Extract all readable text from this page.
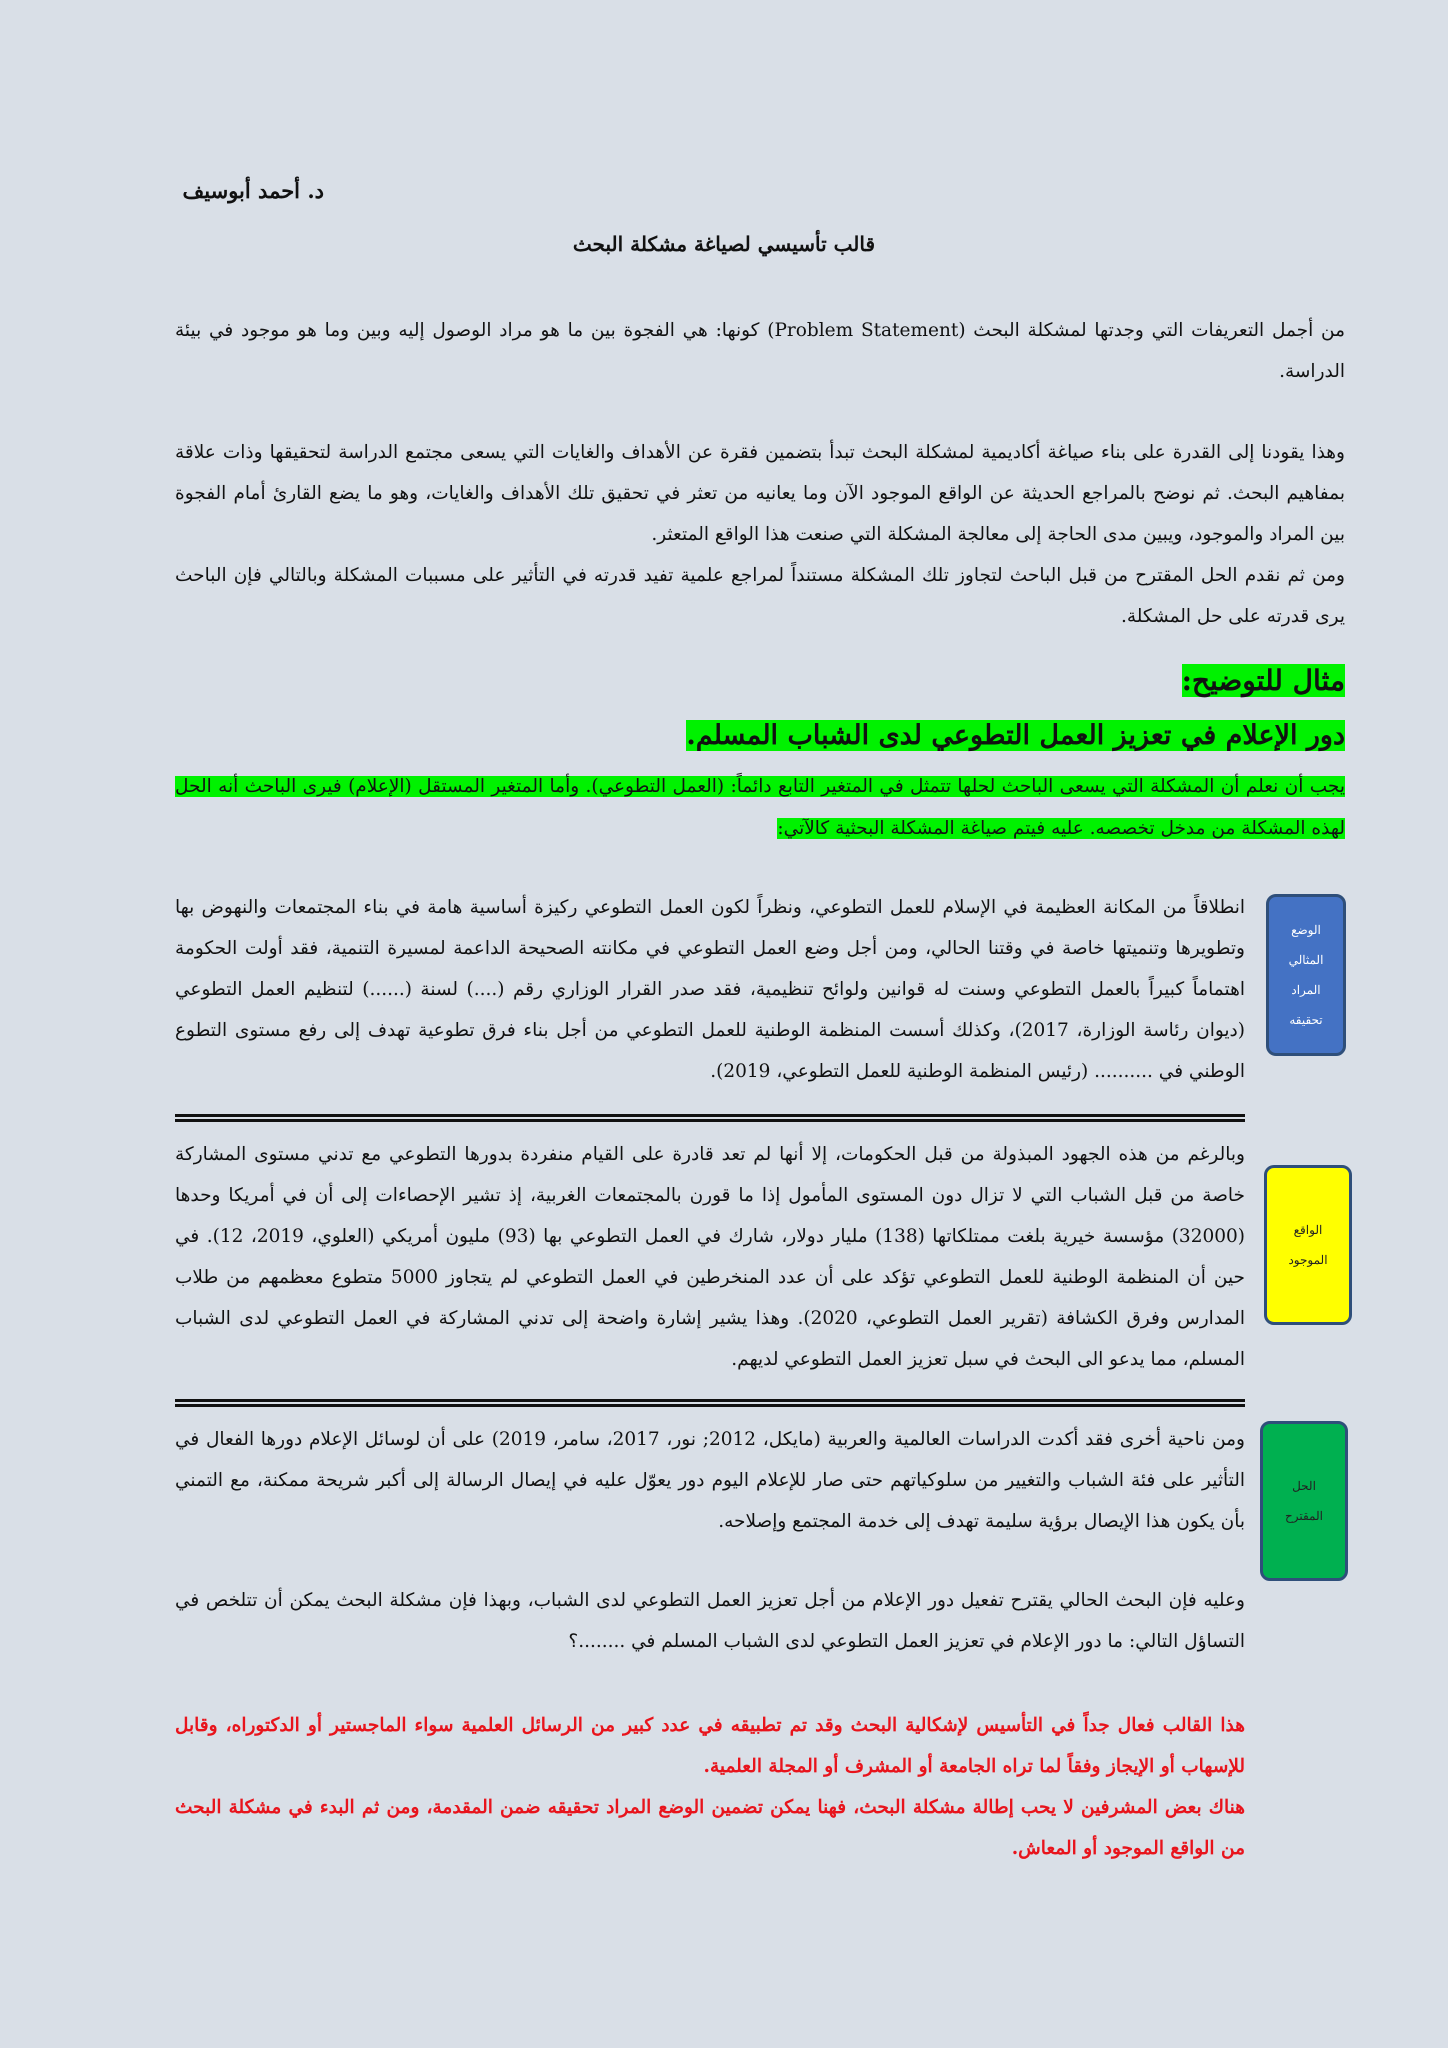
د. أحمد أبوسيف
قالب تأسيسي لصياغة مشكلة البحث
من أجمل التعريفات التي وجدتها لمشكلة البحث (Problem Statement) كونها: هي الفجوة بين ما هو مراد الوصول إليه وبين وما هو موجود في بيئة الدراسة.
وهذا يقودنا إلى القدرة على بناء صياغة أكاديمية لمشكلة البحث تبدأ بتضمين فقرة عن الأهداف والغايات التي يسعى مجتمع الدراسة لتحقيقها وذات علاقة بمفاهيم البحث. ثم نوضح بالمراجع الحديثة عن الواقع الموجود الآن وما يعانيه من تعثر في تحقيق تلك الأهداف والغايات، وهو ما يضع القارئ أمام الفجوة بين المراد والموجود، ويبين مدى الحاجة إلى معالجة المشكلة التي صنعت هذا الواقع المتعثر.
ومن ثم نقدم الحل المقترح من قبل الباحث لتجاوز تلك المشكلة مستنداً لمراجع علمية تفيد قدرته في التأثير على مسببات المشكلة وبالتالي فإن الباحث يرى قدرته على حل المشكلة.
مثال للتوضيح:
دور الإعلام في تعزيز العمل التطوعي لدى الشباب المسلم.
يجب أن نعلم أن المشكلة التي يسعى الباحث لحلها تتمثل في المتغير التابع دائماً: (العمل التطوعي). وأما المتغير المستقل (الإعلام) فيرى الباحث أنه الحل لهذه المشكلة من مدخل تخصصه. عليه فيتم صياغة المشكلة البحثية كالآتي:
الوضع
المثالي
المراد
تحقيقه
انطلاقاً من المكانة العظيمة في الإسلام للعمل التطوعي، ونظراً لكون العمل التطوعي ركيزة أساسية هامة في بناء المجتمعات والنهوض بها وتطويرها وتنميتها خاصة في وقتنا الحالي، ومن أجل وضع العمل التطوعي في مكانته الصحيحة الداعمة لمسيرة التنمية، فقد أولت الحكومة اهتماماً كبيراً بالعمل التطوعي وسنت له قوانين ولوائح تنظيمية، فقد صدر القرار الوزاري رقم (....) لسنة (......) لتنظيم العمل التطوعي (ديوان رئاسة الوزارة، 2017)، وكذلك أسست المنظمة الوطنية للعمل التطوعي من أجل بناء فرق تطوعية تهدف إلى رفع مستوى التطوع الوطني في .......... (رئيس المنظمة الوطنية للعمل التطوعي، 2019).
الواقع
الموجود
وبالرغم من هذه الجهود المبذولة من قبل الحكومات، إلا أنها لم تعد قادرة على القيام منفردة بدورها التطوعي مع تدني مستوى المشاركة خاصة من قبل الشباب التي لا تزال دون المستوى المأمول إذا ما قورن بالمجتمعات الغربية، إذ تشير الإحصاءات إلى أن في أمريكا وحدها (32000) مؤسسة خيرية بلغت ممتلكاتها (138) مليار دولار، شارك في العمل التطوعي بها (93) مليون أمريكي (العلوي، 2019، 12). في حين أن المنظمة الوطنية للعمل التطوعي تؤكد على أن عدد المنخرطين في العمل التطوعي لم يتجاوز 5000 متطوع معظمهم من طلاب المدارس وفرق الكشافة (تقرير العمل التطوعي، 2020). وهذا يشير إشارة واضحة إلى تدني المشاركة في العمل التطوعي لدى الشباب المسلم، مما يدعو الى البحث في سبل تعزيز العمل التطوعي لديهم.
الحل
المقترح
ومن ناحية أخرى فقد أكدت الدراسات العالمية والعربية (مايكل، 2012; نور، 2017، سامر، 2019) على أن لوسائل الإعلام دورها الفعال في التأثير على فئة الشباب والتغيير من سلوكياتهم حتى صار للإعلام اليوم دور يعوّل عليه في إيصال الرسالة إلى أكبر شريحة ممكنة، مع التمني بأن يكون هذا الإيصال برؤية سليمة تهدف إلى خدمة المجتمع وإصلاحه.
وعليه فإن البحث الحالي يقترح تفعيل دور الإعلام من أجل تعزيز العمل التطوعي لدى الشباب، وبهذا فإن مشكلة البحث يمكن أن تتلخص في التساؤل التالي: ما دور الإعلام في تعزيز العمل التطوعي لدى الشباب المسلم في ........؟
هذا القالب فعال جداً في التأسيس لإشكالية البحث وقد تم تطبيقه في عدد كبير من الرسائل العلمية سواء الماجستير أو الدكتوراه، وقابل للإسهاب أو الإيجاز وفقاً لما تراه الجامعة أو المشرف أو المجلة العلمية.
هناك بعض المشرفين لا يحب إطالة مشكلة البحث، فهنا يمكن تضمين الوضع المراد تحقيقه ضمن المقدمة، ومن ثم البدء في مشكلة البحث من الواقع الموجود أو المعاش.
